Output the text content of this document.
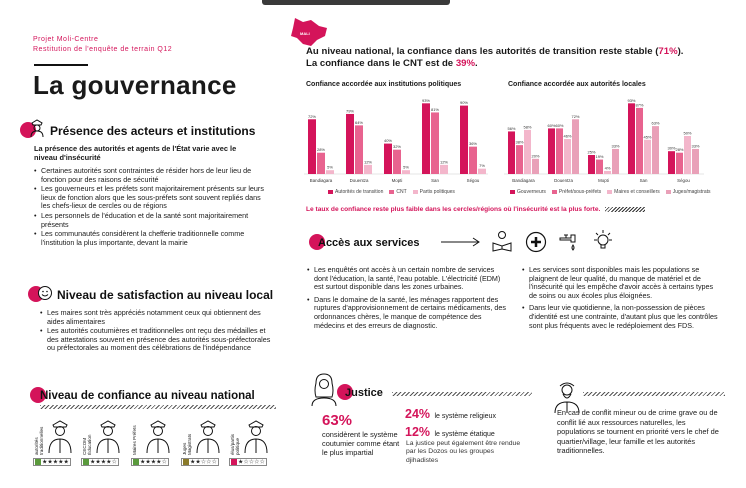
Projet Moli-Centre
Restitution de l'enquête de terrain Q12
La gouvernance
Présence des acteurs et institutions
La présence des autorités et agents de l'État varie avec le niveau d'insécurité
• Certaines autorités sont contraintes de résider hors de leur lieu de fonction pour des raisons de sécurité
• Les gouverneurs et les préfets sont majoritairement présents sur leurs lieux de fonction alors que les sous-préfets sont souvent repliés dans les chefs-lieux de cercles ou de régions
• Les personnels de l'éducation et de la santé sont majoritairement présents
• Les communautés considèrent la chefferie traditionnelle comme l'institution la plus importante, devant la mairie
Niveau de satisfaction au niveau local
• Les maires sont très appréciés notamment ceux qui obtiennent des aides alimentaires
• Les autorités coutumières et traditionnelles ont reçu des médailles et des attestations souvent en présence des autorités sous-préfectorales ou préfectorales au moment des célébrations de l'indépendance
Niveau de confiance au niveau national
autorités traditionnelles
★★★★★
CECOM Éducation
★★★★☆
Maires Préfets
★★★★☆
Juges Magistrats
★★☆☆☆
élus/partis politique
★☆☆☆☆
MALI
Au niveau national, la confiance dans les autorités de transition reste stable (71%).
La confiance dans le CNT est de 39%.
Confiance accordée aux institutions politiques	Confiance accordée aux autorités locales
72%
28%
5%
Bandiagara
79%
64%
12%
Douentza
40%
32%
5%
Mopti
93%
81%
12%
San
90%
36%
7%
Ségou
56%
38%
58%
20%
Bandiagara
60% 60%
46%
72%
Douentza
25%
19%
4%
33%
Mopti
93%
87%
45%
63%
San
30% 28%
50%
33%
Ségou
Autorités de transition	CNT	Partis politiques	Gouverneurs	Préfet/sous-préfets	Maires et conseillers	Juges/magistrats
Le taux de confiance reste plus faible dans les cercles/régions où l'insécurité est la plus forte.
Accès aux services
• Les enquêtés ont accès à un certain nombre de services dont l'éducation, la santé, l'eau potable. L'électricité (EDM) est surtout disponible dans les zones urbaines.
• Dans le domaine de la santé, les ménages rapportent des ruptures d'approvisionnement de certains médicaments, des ordonnances chères, le manque de compétence des médecins et des erreurs de diagnostic.
• Les services sont disponibles mais les populations se plaignent de leur qualité, du manque de matériel et de l'insécurité qui les empêche d'avoir accès à certains types de soins ou aux écoles plus éloignées.
• Dans leur vie quotidienne, la non-possession de pièces d'identité est une contrainte, d'autant plus que les contrôles sont plus fréquents avec le redéploiement des FDS.
Justice
63%
considèrent le système coutumier comme étant le plus impartial
24% le système religieux
12% le système étatique
La justice peut également être rendue par les Dozos ou les groupes djihadistes
En cas de conflit mineur ou de crime grave ou de conflit lié aux ressources naturelles, les populations se tournent en priorité vers le chef de quartier/village, leur famille et les autorités traditionnelles.
